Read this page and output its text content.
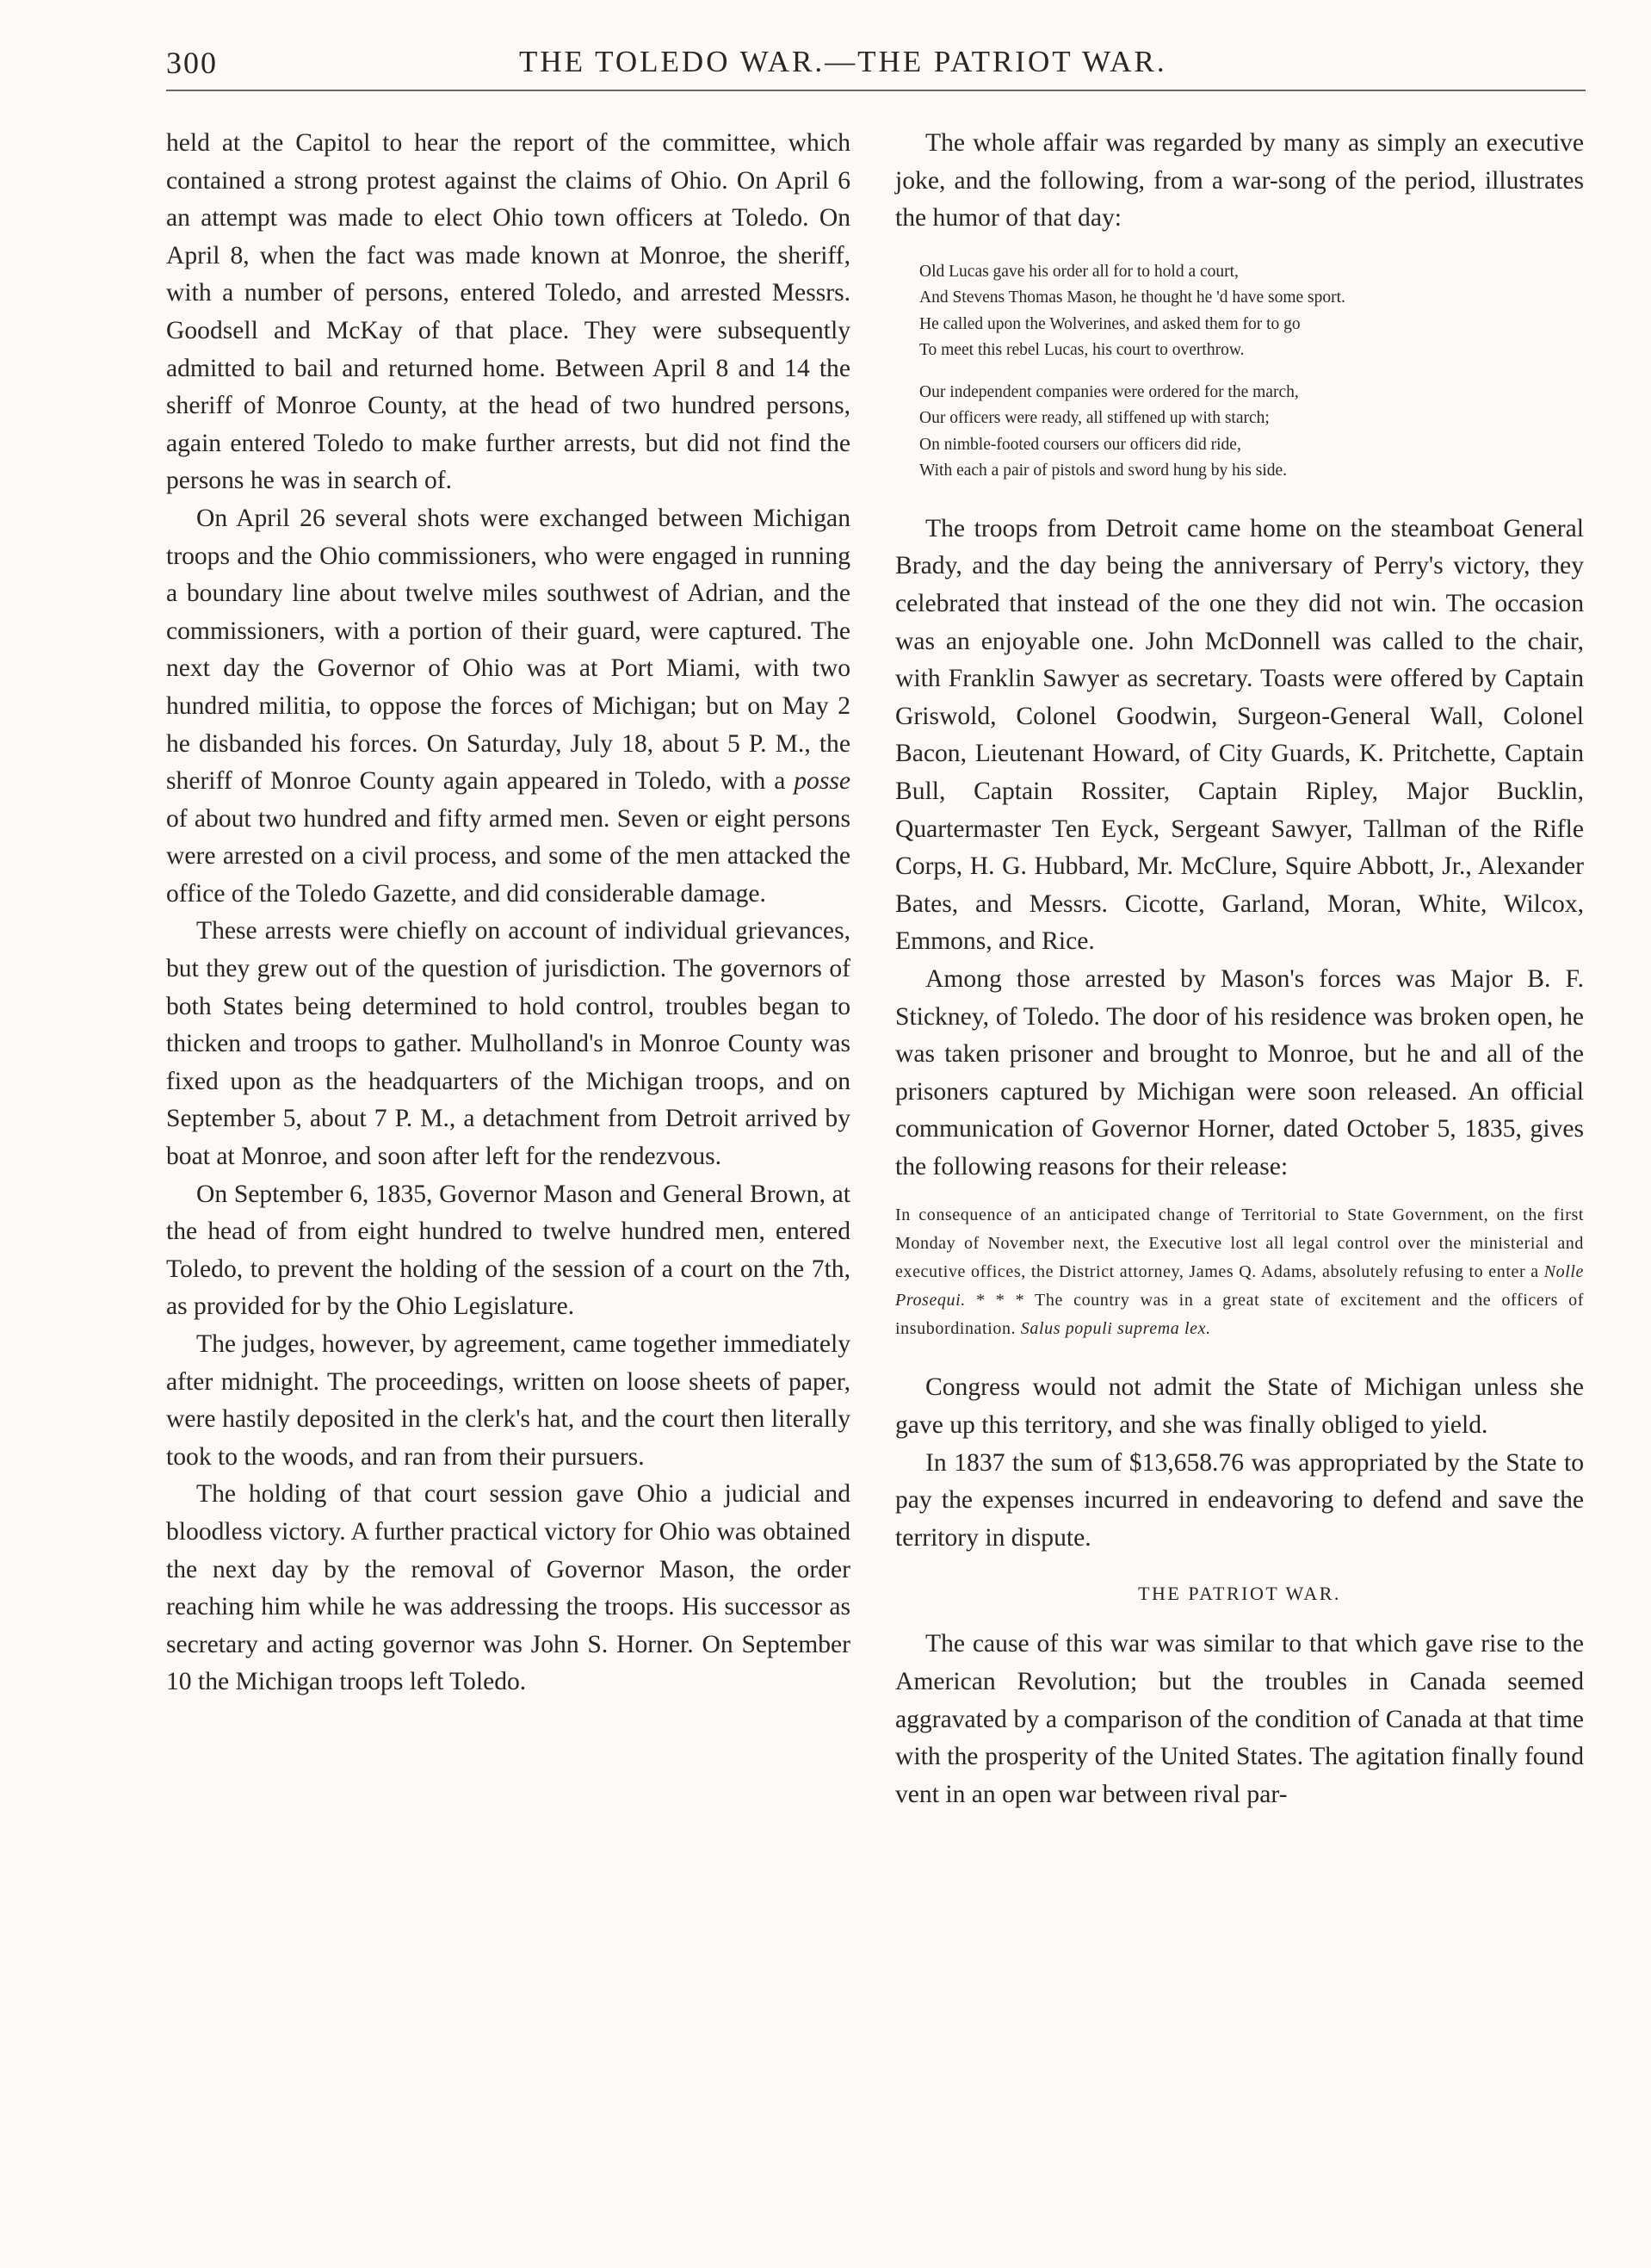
300	THE TOLEDO WAR.—THE PATRIOT WAR.

held at the Capitol to hear the report of the committee, which contained a strong protest against the claims of Ohio. On April 6 an attempt was made to elect Ohio town officers at Toledo. On April 8, when the fact was made known at Monroe, the sheriff, with a number of persons, entered Toledo, and arrested Messrs. Goodsell and McKay of that place. They were subsequently admitted to bail and returned home. Between April 8 and 14 the sheriff of Monroe County, at the head of two hundred persons, again entered Toledo to make further arrests, but did not find the persons he was in search of.

On April 26 several shots were exchanged between Michigan troops and the Ohio commissioners, who were engaged in running a boundary line about twelve miles southwest of Adrian, and the commissioners, with a portion of their guard, were captured. The next day the Governor of Ohio was at Port Miami, with two hundred militia, to oppose the forces of Michigan; but on May 2 he disbanded his forces. On Saturday, July 18, about 5 P. M., the sheriff of Monroe County again appeared in Toledo, with a posse of about two hundred and fifty armed men. Seven or eight persons were arrested on a civil process, and some of the men attacked the office of the Toledo Gazette, and did considerable damage.

These arrests were chiefly on account of individual grievances, but they grew out of the question of jurisdiction. The governors of both States being determined to hold control, troubles began to thicken and troops to gather. Mulholland's in Monroe County was fixed upon as the headquarters of the Michigan troops, and on September 5, about 7 P. M., a detachment from Detroit arrived by boat at Monroe, and soon after left for the rendezvous.

On September 6, 1835, Governor Mason and General Brown, at the head of from eight hundred to twelve hundred men, entered Toledo, to prevent the holding of the session of a court on the 7th, as provided for by the Ohio Legislature.

The judges, however, by agreement, came together immediately after midnight. The proceedings, written on loose sheets of paper, were hastily deposited in the clerk's hat, and the court then literally took to the woods, and ran from their pursuers.

The holding of that court session gave Ohio a judicial and bloodless victory. A further practical victory for Ohio was obtained the next day by the removal of Governor Mason, the order reaching him while he was addressing the troops. His successor as secretary and acting governor was John S. Horner. On September 10 the Michigan troops left Toledo.

The whole affair was regarded by many as simply an executive joke, and the following, from a war-song of the period, illustrates the humor of that day:

Old Lucas gave his order all for to hold a court,
And Stevens Thomas Mason, he thought he 'd have some sport.
He called upon the Wolverines, and asked them for to go
To meet this rebel Lucas, his court to overthrow.
Our independent companies were ordered for the march,
Our officers were ready, all stiffened up with starch;
On nimble-footed coursers our officers did ride,
With each a pair of pistols and sword hung by his side.

The troops from Detroit came home on the steamboat General Brady, and the day being the anniversary of Perry's victory, they celebrated that instead of the one they did not win. The occasion was an enjoyable one. John McDonnell was called to the chair, with Franklin Sawyer as secretary. Toasts were offered by Captain Griswold, Colonel Goodwin, Surgeon-General Wall, Colonel Bacon, Lieutenant Howard, of City Guards, K. Pritchette, Captain Bull, Captain Rossiter, Captain Ripley, Major Bucklin, Quartermaster Ten Eyck, Sergeant Sawyer, Tallman of the Rifle Corps, H. G. Hubbard, Mr. McClure, Squire Abbott, Jr., Alexander Bates, and Messrs. Cicotte, Garland, Moran, White, Wilcox, Emmons, and Rice.

Among those arrested by Mason's forces was Major B. F. Stickney, of Toledo. The door of his residence was broken open, he was taken prisoner and brought to Monroe, but he and all of the prisoners captured by Michigan were soon released. An official communication of Governor Horner, dated October 5, 1835, gives the following reasons for their release:

In consequence of an anticipated change of Territorial to State Government, on the first Monday of November next, the Executive lost all legal control over the ministerial and executive offices, the District attorney, James Q. Adams, absolutely refusing to enter a Nolle Prosequi. * * * The country was in a great state of excitement and the officers of insubordination. Salus populi suprema lex.

Congress would not admit the State of Michigan unless she gave up this territory, and she was finally obliged to yield.

In 1837 the sum of $13,658.76 was appropriated by the State to pay the expenses incurred in endeavoring to defend and save the territory in dispute.

THE PATRIOT WAR.

The cause of this war was similar to that which gave rise to the American Revolution; but the troubles in Canada seemed aggravated by a comparison of the condition of Canada at that time with the prosperity of the United States. The agitation finally found vent in an open war between rival par-
